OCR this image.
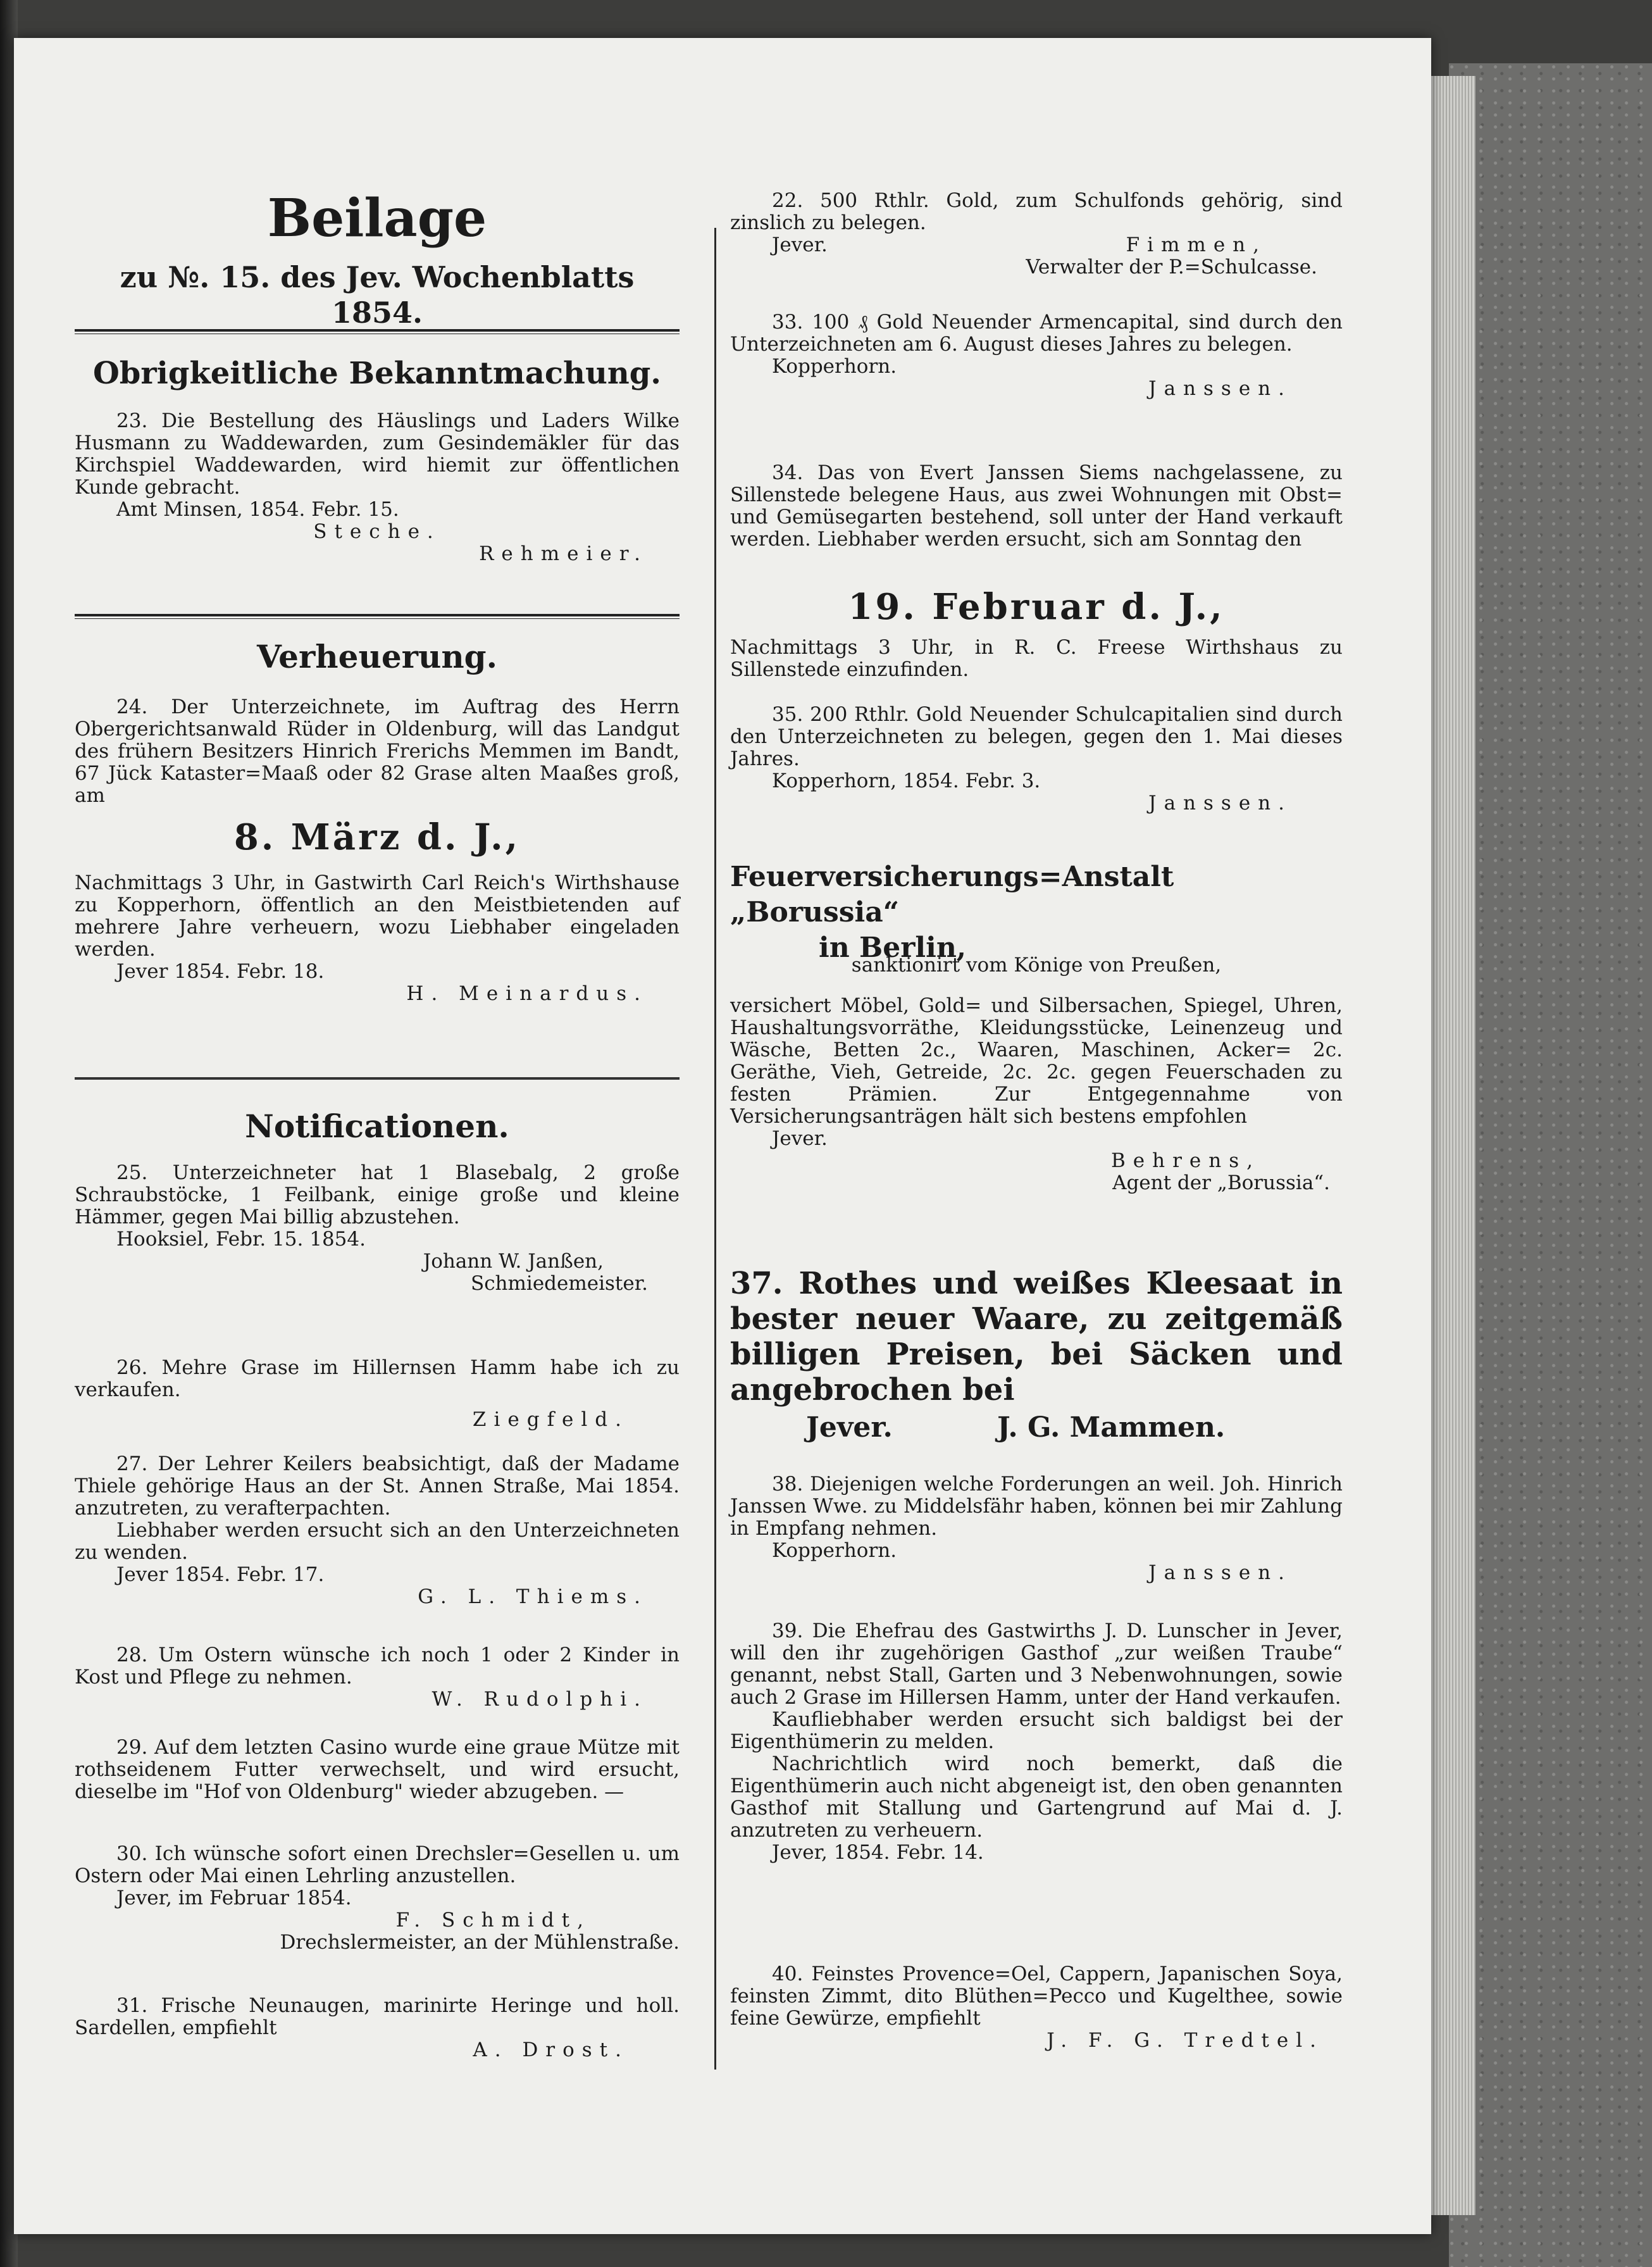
Beilage

zu №. 15. des Jev. Wochenblatts 1854.

Obrigkeitliche Bekanntmachung.

23. Die Bestellung des Häuslings und Laders Wilke Husmann zu Waddewarden, zum Gesindemäkler für das Kirchspiel Waddewarden, wird hiemit zur öffentlichen Kunde gebracht.

Amt Minsen, 1854. Febr. 15.

Steche.

Rehmeier.

Verheuerung.

24. Der Unterzeichnete, im Auftrag des Herrn Obergerichtsanwald Rüder in Oldenburg, will das Landgut des frühern Besitzers Hinrich Frerichs Memmen im Bandt, 67 Jück Kataster=Maaß oder 82 Grase alten Maaßes groß, am

8. März d. J.,

Nachmittags 3 Uhr, in Gastwirth Carl Reich's Wirthshause zu Kopperhorn, öffentlich an den Meistbietenden auf mehrere Jahre verheuern, wozu Liebhaber eingeladen werden.

Jever 1854. Febr. 18.

H. Meinardus.

Notificationen.

25. Unterzeichneter hat 1 Blasebalg, 2 große Schraubstöcke, 1 Feilbank, einige große und kleine Hämmer, gegen Mai billig abzustehen.

Hooksiel, Febr. 15. 1854.

Johann W. Janßen,

Schmiedemeister.

26. Mehre Grase im Hillernsen Hamm habe ich zu verkaufen.

Ziegfeld.

27. Der Lehrer Keilers beabsichtigt, daß der Madame Thiele gehörige Haus an der St. Annen Straße, Mai 1854. anzutreten, zu verafterpachten.

Liebhaber werden ersucht sich an den Unterzeichneten zu wenden.

Jever 1854. Febr. 17.

G. L. Thiems.

28. Um Ostern wünsche ich noch 1 oder 2 Kinder in Kost und Pflege zu nehmen.

W. Rudolphi.

29. Auf dem letzten Casino wurde eine graue Mütze mit rothseidenem Futter verwechselt, und wird ersucht, dieselbe im "Hof von Oldenburg" wieder abzugeben. —

30. Ich wünsche sofort einen Drechsler=Gesellen u. um Ostern oder Mai einen Lehrling anzustellen.

Jever, im Februar 1854.

F. Schmidt,

Drechslermeister, an der Mühlenstraße.

31. Frische Neunaugen, marinirte Heringe und holl. Sardellen, empfiehlt

A. Drost.

22. 500 Rthlr. Gold, zum Schulfonds gehörig, sind zinslich zu belegen.

Jever.	Fimmen,

Verwalter der P.=Schulcasse.

33. 100 ₰ Gold Neuender Armencapital, sind durch den Unterzeichneten am 6. August dieses Jahres zu belegen.

Kopperhorn.

Janssen.

34. Das von Evert Janssen Siems nachgelassene, zu Sillenstede belegene Haus, aus zwei Wohnungen mit Obst= und Gemüsegarten bestehend, soll unter der Hand verkauft werden. Liebhaber werden ersucht, sich am Sonntag den

19. Februar d. J.,

Nachmittags 3 Uhr, in R. C. Freese Wirthshaus zu Sillenstede einzufinden.

35. 200 Rthlr. Gold Neuender Schulcapitalien sind durch den Unterzeichneten zu belegen, gegen den 1. Mai dieses Jahres.

Kopperhorn, 1854. Febr. 3.

Janssen.

Feuerversicherungs=Anstalt „Borussia“

in Berlin,

sanktionirt vom Könige von Preußen,

versichert Möbel, Gold= und Silbersachen, Spiegel, Uhren, Haushaltungsvorräthe, Kleidungsstücke, Leinenzeug und Wäsche, Betten 2c., Waaren, Maschinen, Acker= 2c. Geräthe, Vieh, Getreide, 2c. 2c. gegen Feuerschaden zu festen Prämien. Zur Entgegennahme von Versicherungsanträgen hält sich bestens empfohlen

Jever.

Behrens,

Agent der „Borussia“.

37. Rothes und weißes Kleesaat in bester neuer Waare, zu zeitgemäß billigen Preisen, bei Säcken und angebrochen bei

Jever.

	J. G. Mammen.

38. Diejenigen welche Forderungen an weil. Joh. Hinrich Janssen Wwe. zu Middelsfähr haben, können bei mir Zahlung in Empfang nehmen.

Kopperhorn.

Janssen.

39. Die Ehefrau des Gastwirths J. D. Lunscher in Jever, will den ihr zugehörigen Gasthof „zur weißen Traube“ genannt, nebst Stall, Garten und 3 Nebenwohnungen, sowie auch 2 Grase im Hillersen Hamm, unter der Hand verkaufen.

Kaufliebhaber werden ersucht sich baldigst bei der Eigenthümerin zu melden.

Nachrichtlich wird noch bemerkt, daß die Eigenthümerin auch nicht abgeneigt ist, den oben genannten Gasthof mit Stallung und Gartengrund auf Mai d. J. anzutreten zu verheuern.

Jever, 1854. Febr. 14.

40. Feinstes Provence=Oel, Cappern, Japanischen Soya, feinsten Zimmt, dito Blüthen=Pecco und Kugelthee, sowie feine Gewürze, empfiehlt

J. F. G. Tredtel.
